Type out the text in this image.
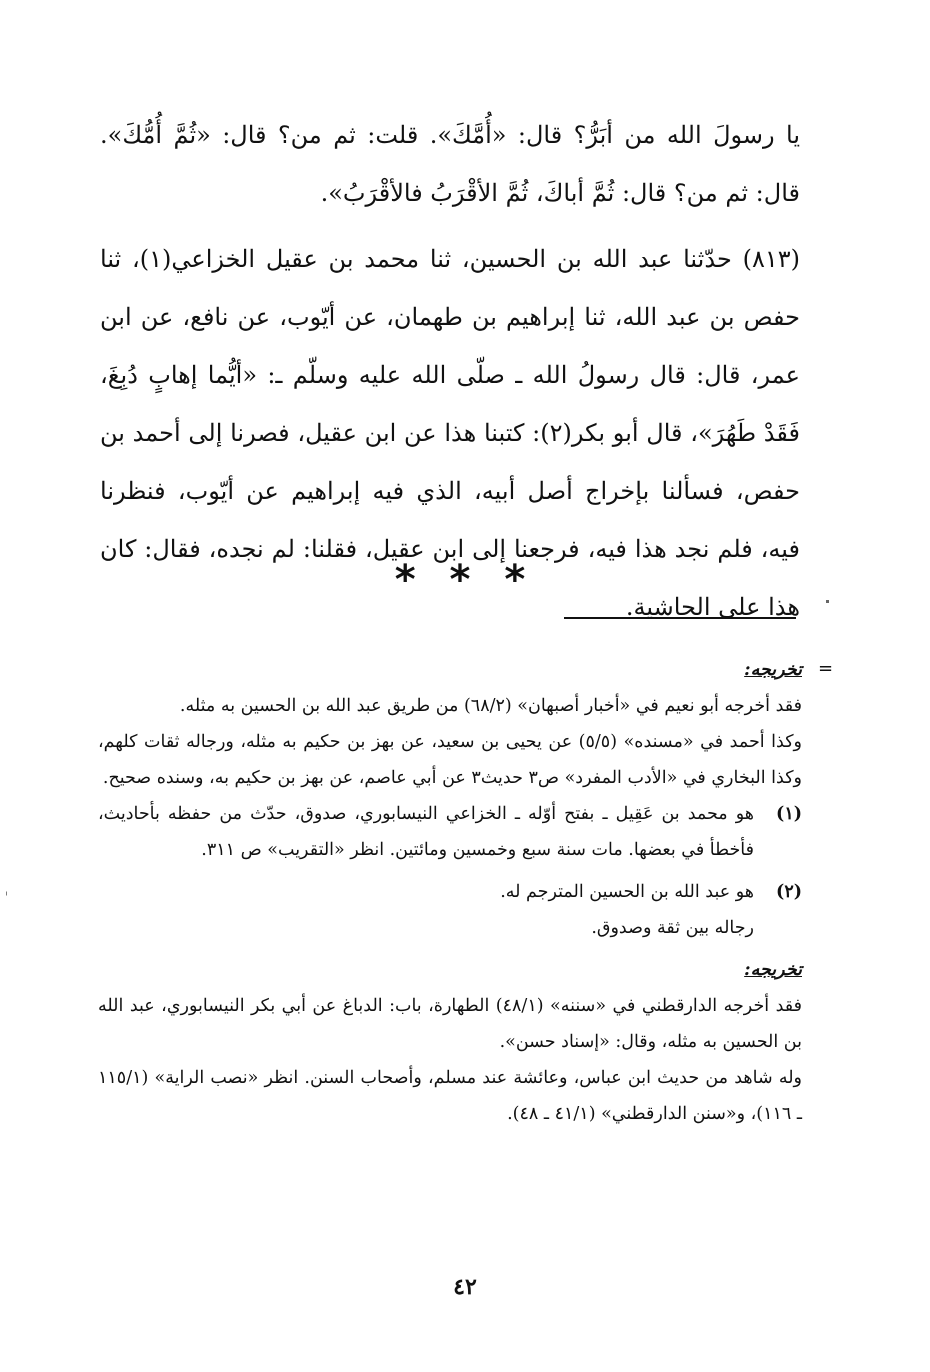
يا رسولَ الله من أبَرُّ؟ قال: «أُمَّكَ». قلت: ثم من؟ قال: «ثُمَّ أُمُّكَ». قال: ثم من؟ قال: ثُمَّ أباكَ، ثُمَّ الأقْرَبُ فالأقْرَبُ».

(٨١٣) حدّثنا عبد الله بن الحسين، ثنا محمد بن عقيل الخزاعي(١)، ثنا حفص بن عبد الله، ثنا إبراهيم بن طهمان، عن أيّوب، عن نافع، عن ابن عمر، قال: قال رسولُ الله ـ صلّى الله عليه وسلّم ـ: «أيُّما إهابٍ دُبِغَ، فَقَدْ طَهُرَ»، قال أبو بكر(٢): كتبنا هذا عن ابن عقيل، فصرنا إلى أحمد بن حفص، فسألنا بإخراج أصل أبيه، الذي فيه إبراهيم عن أيّوب، فنظرنا فيه، فلم نجد هذا فيه، فرجعنا إلى ابن عقيل، فقلنا: لم نجده، فقال: كان هذا على الحاشية.

* * *
=
تخريجه:
فقد أخرجه أبو نعيم في «أخبار أصبهان» (٦٨/٢) من طريق عبد الله بن الحسين به مثله.
وكذا أحمد في «مسنده» (٥/٥) عن يحيى بن سعيد، عن بهز بن حكيم به مثله، ورجاله ثقات كلهم، وكذا البخاري في «الأدب المفرد» ص٣ حديث٣ عن أبي عاصم، عن بهز بن حكيم به، وسنده صحيح.
(١)
هو محمد بن عَقِيل ـ بفتح أوّله ـ الخزاعي النيسابوري، صدوق، حدّث من حفظه بأحاديث، فأخطأ في بعضها. مات سنة سبع وخمسين ومائتين. انظر «التقريب» ص ٣١١.
(٢)
هو عبد الله بن الحسين المترجم له.
رجاله بين ثقة وصدوق.
تخريجه:
فقد أخرجه الدارقطني في «سننه» (٤٨/١) الطهارة، باب: الدباغ عن أبي بكر النيسابوري، عبد الله بن الحسين به مثله، وقال: «إسناد حسن».
وله شاهد من حديث ابن عباس، وعائشة عند مسلم، وأصحاب السنن. انظر «نصب الراية» (١١٥/١ ـ ١١٦)، و«سنن الدارقطني» (٤١/١ ـ ٤٨).
٤٢
